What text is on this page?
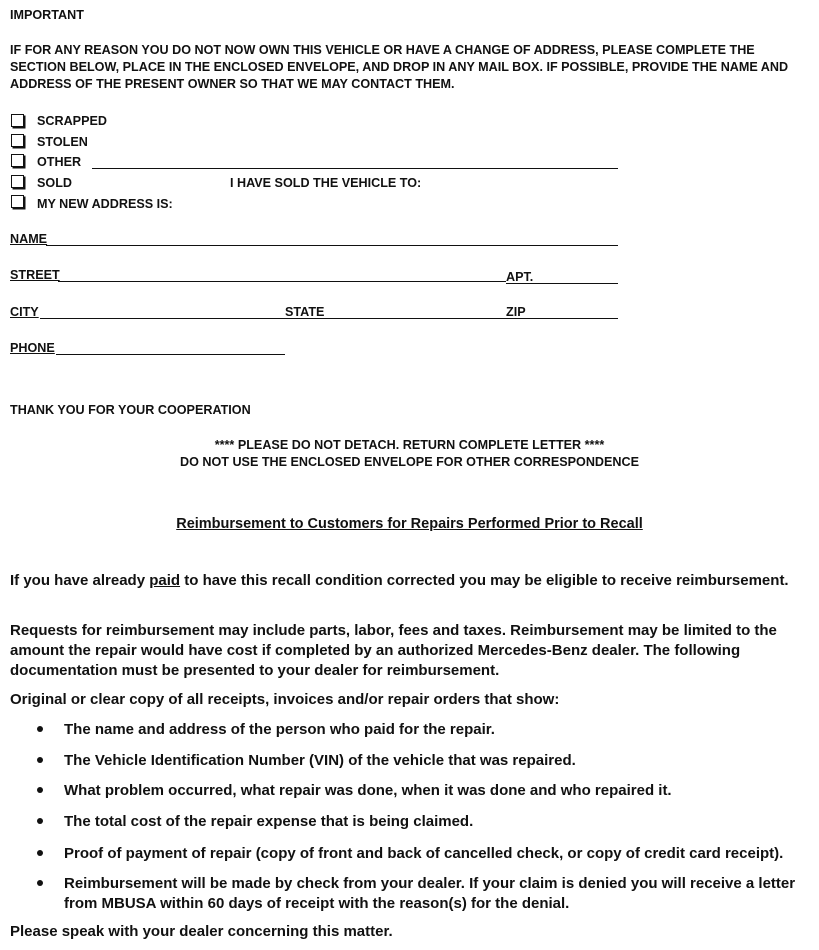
IMPORTANT
IF FOR ANY REASON YOU DO NOT NOW OWN THIS VEHICLE OR HAVE A CHANGE OF ADDRESS, PLEASE COMPLETE THE
SECTION BELOW, PLACE IN THE ENCLOSED ENVELOPE, AND DROP IN ANY MAIL BOX. IF POSSIBLE, PROVIDE THE NAME AND
ADDRESS OF THE PRESENT OWNER SO THAT WE MAY CONTACT THEM.
SCRAPPED
STOLEN
OTHER
SOLD	I HAVE SOLD THE VEHICLE TO:
MY NEW ADDRESS IS:
NAME
STREET	APT.
CITY	STATE	ZIP
PHONE
THANK YOU FOR YOUR COOPERATION
**** PLEASE DO NOT DETACH. RETURN COMPLETE LETTER ****
DO NOT USE THE ENCLOSED ENVELOPE FOR OTHER CORRESPONDENCE
Reimbursement to Customers for Repairs Performed Prior to Recall
If you have already paid to have this recall condition corrected you may be eligible to receive reimbursement.
Requests for reimbursement may include parts, labor, fees and taxes. Reimbursement may be limited to the amount the repair would have cost if completed by an authorized Mercedes-Benz dealer. The following documentation must be presented to your dealer for reimbursement.
Original or clear copy of all receipts, invoices and/or repair orders that show:
The name and address of the person who paid for the repair.
The Vehicle Identification Number (VIN) of the vehicle that was repaired.
What problem occurred, what repair was done, when it was done and who repaired it.
The total cost of the repair expense that is being claimed.
Proof of payment of repair (copy of front and back of cancelled check, or copy of credit card receipt).
Reimbursement will be made by check from your dealer. If your claim is denied you will receive a letter from MBUSA within 60 days of receipt with the reason(s) for the denial.
Please speak with your dealer concerning this matter.
